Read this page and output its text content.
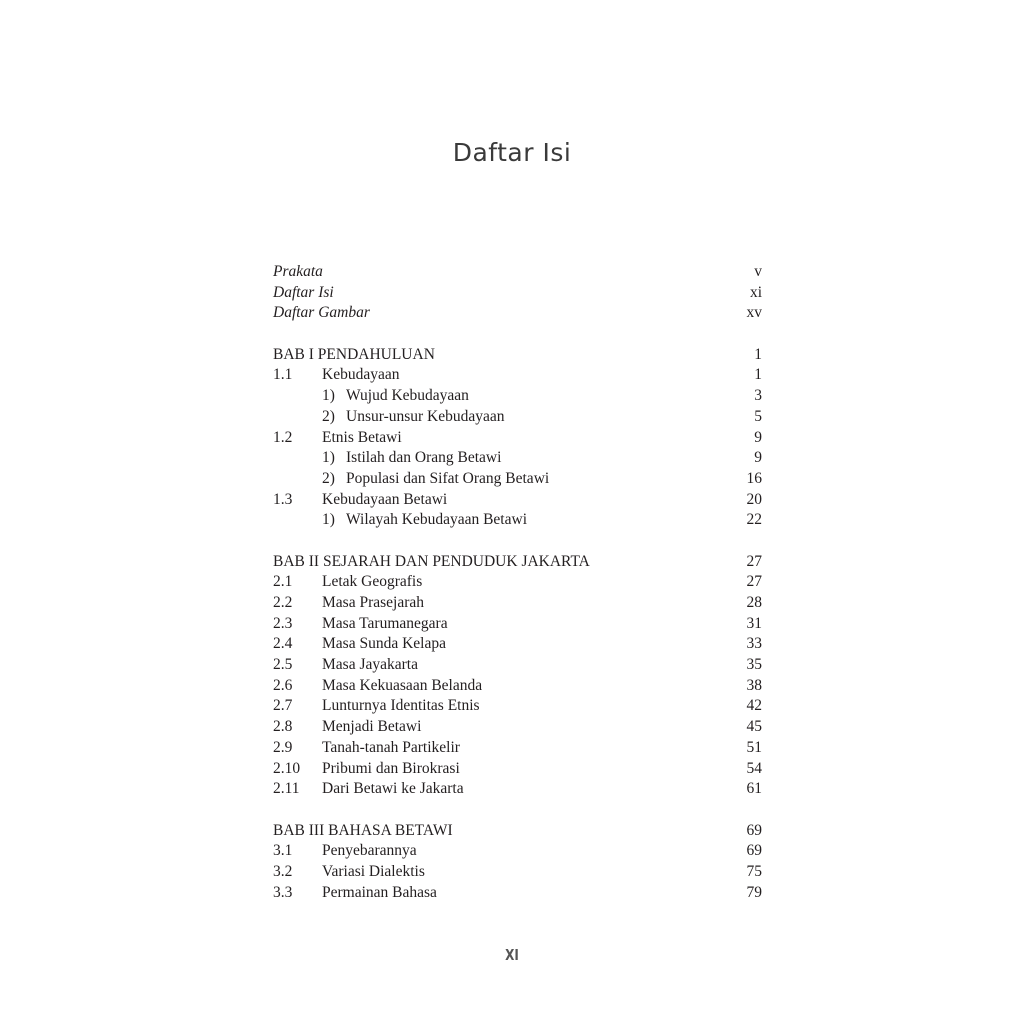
Daftar Isi
Prakata	v
Daftar Isi	xi
Daftar Gambar	xv
BAB I PENDAHULUAN	1
1.1 Kebudayaan	1
1) Wujud Kebudayaan	3
2) Unsur-unsur Kebudayaan	5
1.2 Etnis Betawi	9
1) Istilah dan Orang Betawi	9
2) Populasi dan Sifat Orang Betawi	16
1.3 Kebudayaan Betawi	20
1) Wilayah Kebudayaan Betawi	22
BAB II SEJARAH DAN PENDUDUK JAKARTA	27
2.1 Letak Geografis	27
2.2 Masa Prasejarah	28
2.3 Masa Tarumanegara	31
2.4 Masa Sunda Kelapa	33
2.5 Masa Jayakarta	35
2.6 Masa Kekuasaan Belanda	38
2.7 Lunturnya Identitas Etnis	42
2.8 Menjadi Betawi	45
2.9 Tanah-tanah Partikelir	51
2.10 Pribumi dan Birokrasi	54
2.11 Dari Betawi ke Jakarta	61
BAB III BAHASA BETAWI	69
3.1 Penyebarannya	69
3.2 Variasi Dialektis	75
3.3 Permainan Bahasa	79
XI
